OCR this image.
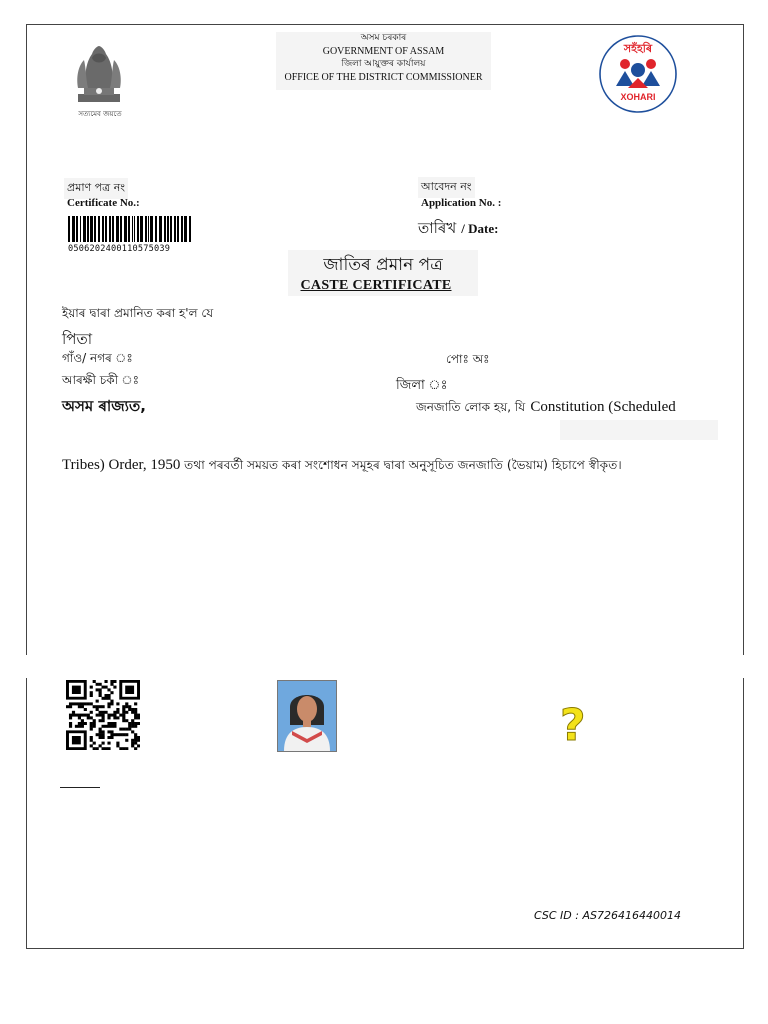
সত্যমেব জয়তে
অসম চৰকাৰ
GOVERNMENT OF ASSAM
জিলা আয়ুক্তৰ কাৰ্যালয়
OFFICE OF THE DISTRICT COMMISSIONER
সহঁহৰি
XOHARI
প্ৰমাণ পত্ৰ নং
Certificate No.:
আবেদন নং
Application No. :
তাৰিখ / Date:
0506202400110575039
জাতিৰ প্ৰমান পত্ৰ
CASTE CERTIFICATE
ইয়াৰ দ্বাৰা প্ৰমানিত কৰা হ'ল যে
পিতা
গাঁও/ নগৰ ঃ	পোঃ অঃ
আৰক্ষী চকী ঃ	জিলা ঃ
অসম ৰাজ্যত,	জনজাতি লোক হয়, যি Constitution (Scheduled
Tribes) Order, 1950 তথা পৰবৰ্তী সময়ত কৰা সংশোধন সমূহৰ দ্বাৰা অনুসূচিত জনজাতি (ভৈয়াম) হিচাপে স্বীকৃত।
?
CSC ID : AS726416440014
